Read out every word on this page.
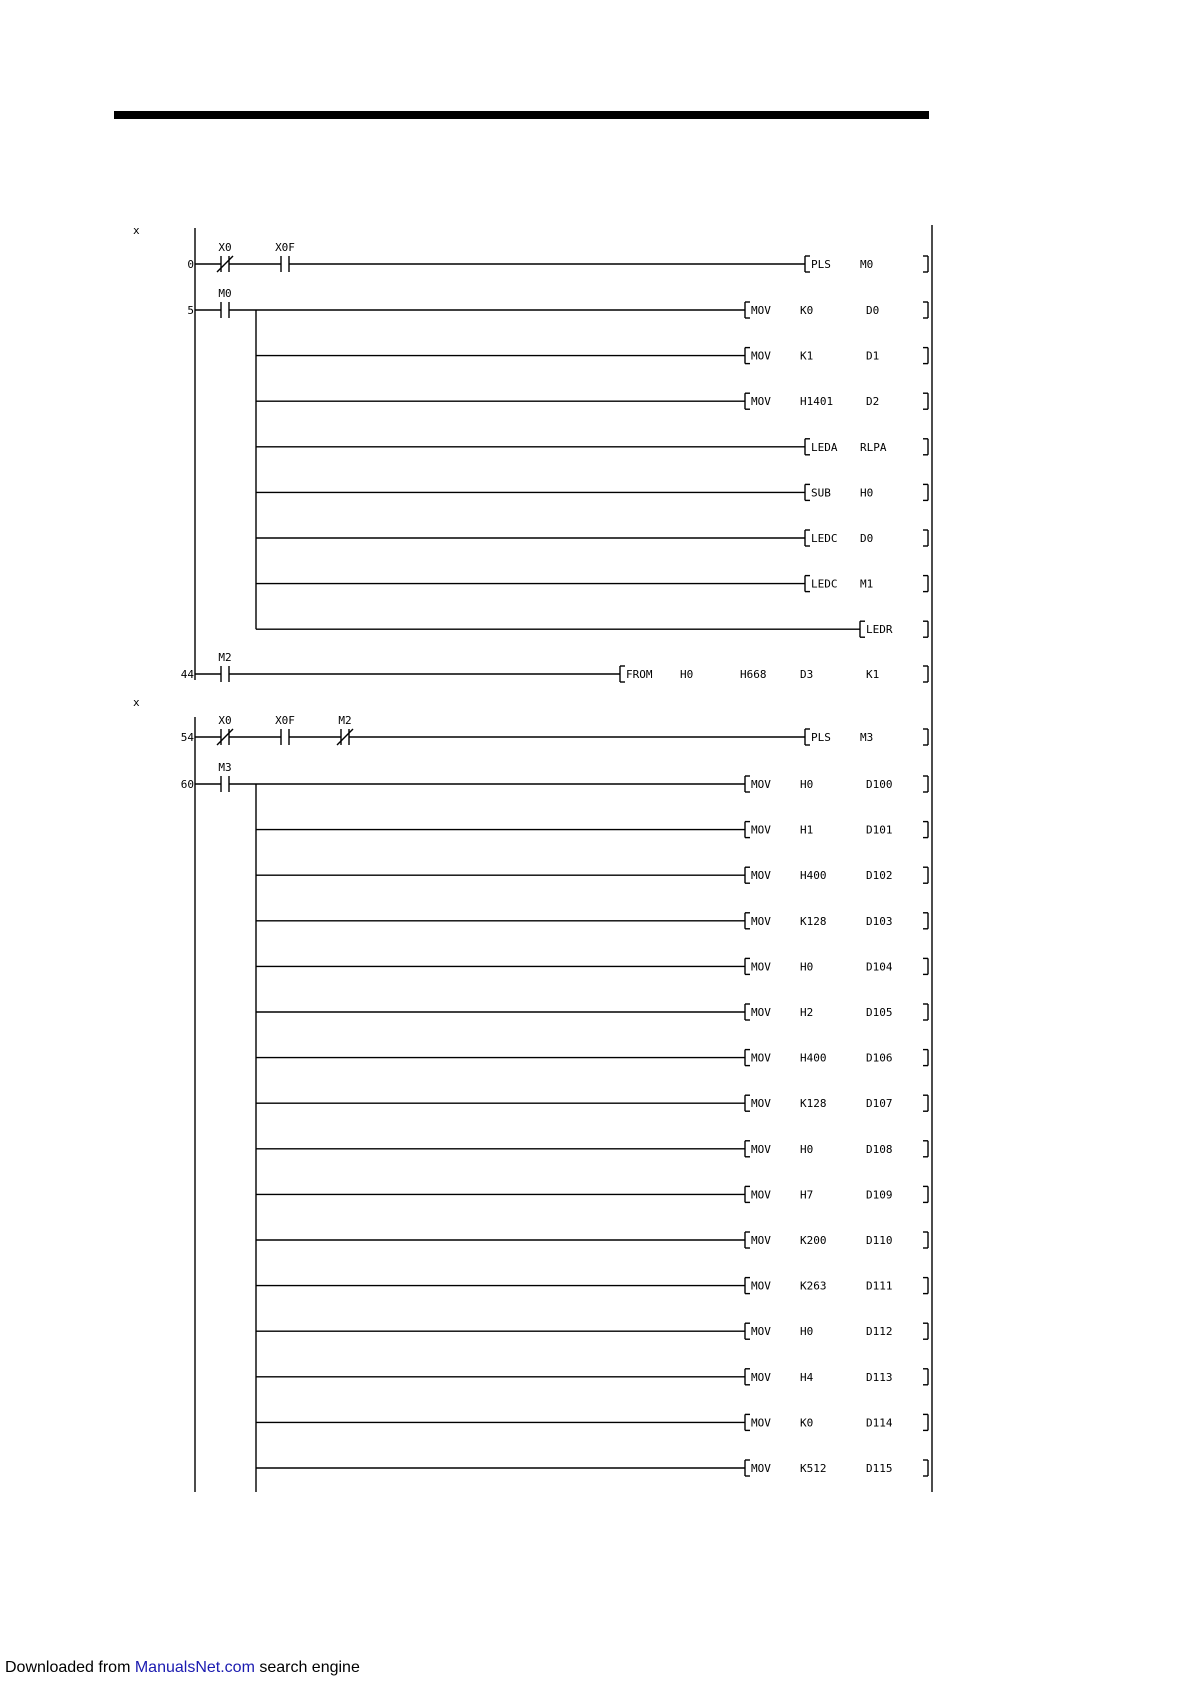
x
0
X0	X0F
PLS	M0
5
M0
MOV	K0	D0
MOV	K1	D1
MOV	H1401	D2
LEDA RLPA
SUB	H0
LEDC D0
LEDC M1
LEDR
44
M2
FROM	H0	H668	D3	K1
x
54
X0	X0F	M2
PLS	M3
60
M3
MOV	H0	D100
MOV	H1	D101
MOV	H400	D102
MOV	K128	D103
MOV	H0	D104
MOV	H2	D105
MOV	H400	D106
MOV	K128	D107
MOV	H0	D108
MOV	H7	D109
MOV	K200	D110
MOV	K263	D111
MOV	H0	D112
MOV	H4	D113
MOV	K0	D114
MOV	K512	D115
Downloaded from ManualsNet.com search engine
